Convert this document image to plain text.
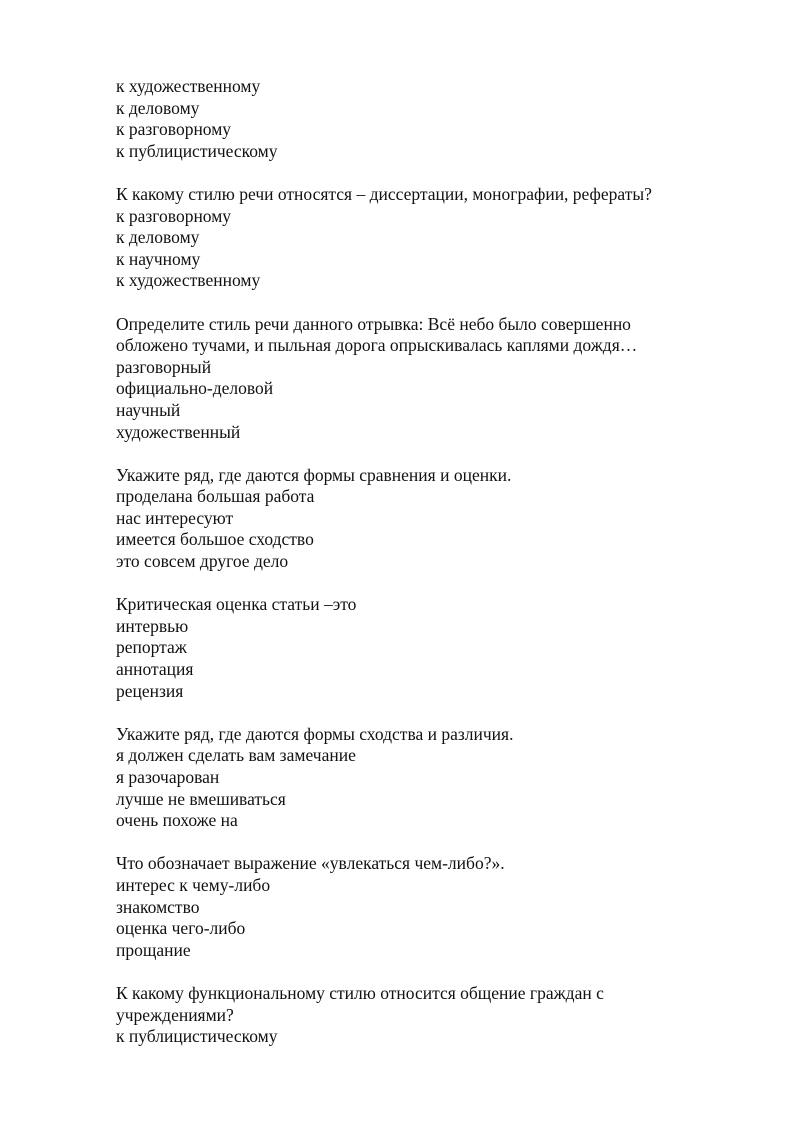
к художественному
к деловому
к разговорному
к публицистическому
К какому стилю речи относятся – диссертации, монографии, рефераты?
к разговорному
к деловому
к научному
к художественному
Определите стиль речи данного отрывка: Всё небо было совершенно
обложено тучами, и пыльная дорога опрыскивалась каплями дождя…
разговорный
официально-деловой
научный
художественный
Укажите ряд, где даются формы сравнения и оценки.
проделана большая работа
нас интересуют
имеется большое сходство
это совсем другое дело
Критическая оценка статьи –это
интервью
репортаж
аннотация
рецензия
Укажите ряд, где даются формы сходства и различия.
я должен сделать вам замечание
я разочарован
лучше не вмешиваться
очень похоже на
Что обозначает выражение «увлекаться чем-либо?».
интерес к чему-либо
знакомство
оценка чего-либо
прощание
К какому функциональному стилю относится общение граждан с
учреждениями?
к публицистическому
